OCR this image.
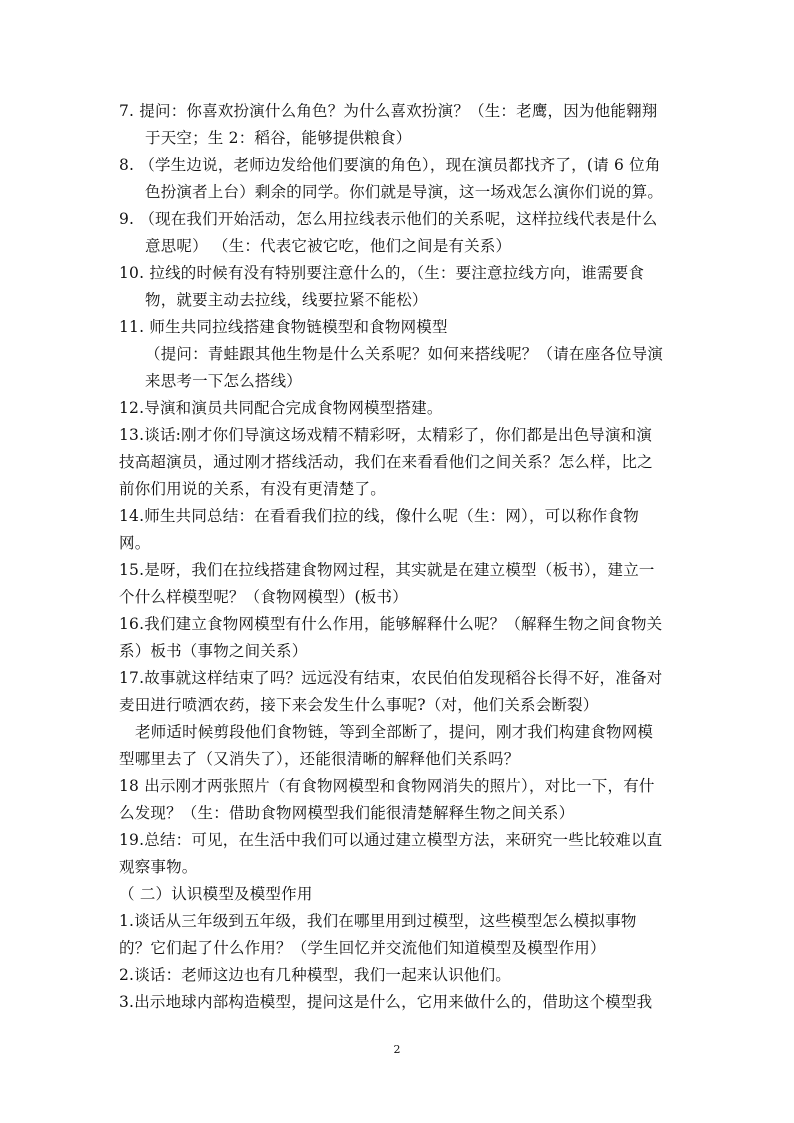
7. 提问：你喜欢扮演什么角色？为什么喜欢扮演？（生：老鹰，因为他能翱翔
于天空；生 2：稻谷，能够提供粮食）
8. （学生边说，老师边发给他们要演的角色），现在演员都找齐了，(请 6 位角
色扮演者上台）剩余的同学。你们就是导演，这一场戏怎么演你们说的算。
9. （现在我们开始活动，怎么用拉线表示他们的关系呢，这样拉线代表是什么
意思呢） （生：代表它被它吃，他们之间是有关系）
10. 拉线的时候有没有特别要注意什么的，（生：要注意拉线方向，谁需要食
物，就要主动去拉线，线要拉紧不能松）
11. 师生共同拉线搭建食物链模型和食物网模型
（提问：青蛙跟其他生物是什么关系呢？如何来搭线呢？（请在座各位导演
来思考一下怎么搭线）
12.导演和演员共同配合完成食物网模型搭建。
13.谈话:刚才你们导演这场戏精不精彩呀，太精彩了，你们都是出色导演和演
技高超演员，通过刚才搭线活动，我们在来看看他们之间关系？怎么样，比之
前你们用说的关系，有没有更清楚了。
14.师生共同总结：在看看我们拉的线，像什么呢（生：网），可以称作食物
网。
15.是呀，我们在拉线搭建食物网过程，其实就是在建立模型（板书），建立一
个什么样模型呢？（食物网模型）(板书）
16.我们建立食物网模型有什么作用，能够解释什么呢？（解释生物之间食物关
系）板书（事物之间关系）
17.故事就这样结束了吗？远远没有结束，农民伯伯发现稻谷长得不好，准备对
麦田进行喷洒农药，接下来会发生什么事呢?（对，他们关系会断裂）
老师适时候剪段他们食物链，等到全部断了，提问，刚才我们构建食物网模
型哪里去了（又消失了），还能很清晰的解释他们关系吗？
18 出示刚才两张照片（有食物网模型和食物网消失的照片），对比一下，有什
么发现？（生：借助食物网模型我们能很清楚解释生物之间关系）
19.总结：可见，在生活中我们可以通过建立模型方法，来研究一些比较难以直
观察事物。
（ 二）认识模型及模型作用
1.谈话从三年级到五年级，我们在哪里用到过模型，这些模型怎么模拟事物
的？它们起了什么作用？（学生回忆并交流他们知道模型及模型作用）
2.谈话：老师这边也有几种模型，我们一起来认识他们。
3.出示地球内部构造模型，提问这是什么，它用来做什么的，借助这个模型我
2
